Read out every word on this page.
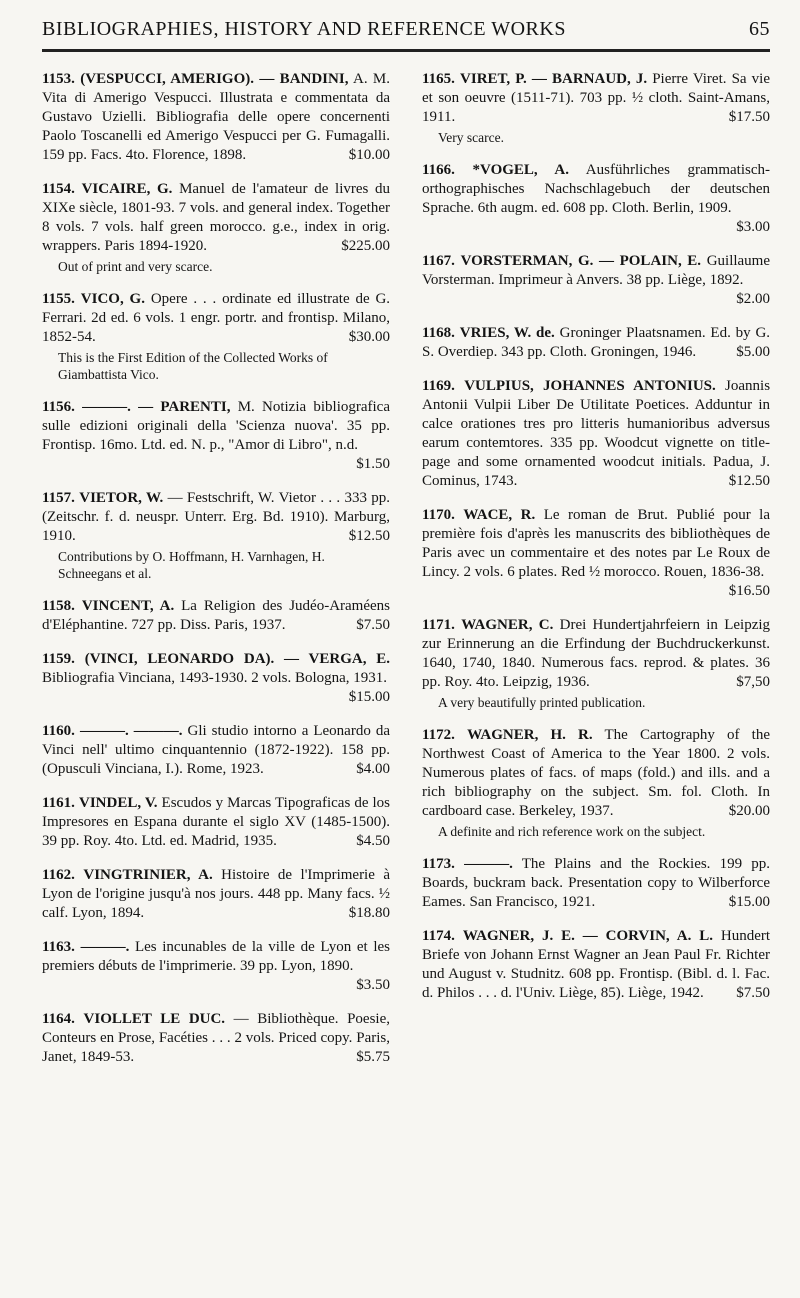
BIBLIOGRAPHIES, HISTORY AND REFERENCE WORKS	65
1153. (VESPUCCI, AMERIGO). — BANDINI, A. M. Vita di Amerigo Vespucci. Illustrata e commentata da Gustavo Uzielli. Bibliografia delle opere concernenti Paolo Toscanelli ed Amerigo Vespucci per G. Fumagalli. 159 pp. Facs. 4to. Florence, 1898.	$10.00
1154. VICAIRE, G. Manuel de l'amateur de livres du XIXe siècle, 1801-93. 7 vols. and general index. Together 8 vols. 7 vols. half green morocco. g.e., index in orig. wrappers. Paris 1894-1920.	$225.00
Out of print and very scarce.
1155. VICO, G. Opere . . . ordinate ed illustrate de G. Ferrari. 2d ed. 6 vols. 1 engr. portr. and frontisp. Milano, 1852-54.	$30.00
This is the First Edition of the Collected Works of Giambattista Vico.
1156. ———. — PARENTI, M. Notizia bibliografica sulle edizioni originali della 'Scienza nuova'. 35 pp. Frontisp. 16mo. Ltd. ed. N. p., "Amor di Libro", n.d.
$1.50
1157. VIETOR, W. — Festschrift, W. Vietor . . . 333 pp. (Zeitschr. f. d. neuspr. Unterr. Erg. Bd. 1910). Marburg, 1910.	$12.50
Contributions by O. Hoffmann, H. Varnhagen, H. Schneegans et al.
1158. VINCENT, A. La Religion des Judéo-Araméens d'Eléphantine. 727 pp. Diss. Paris, 1937.	$7.50
1159. (VINCI, LEONARDO DA). — VERGA, E. Bibliografia Vinciana, 1493-1930. 2 vols. Bologna, 1931.
$15.00
1160. ———. ———. Gli studio intorno a Leonardo da Vinci nell' ultimo cinquantennio (1872-1922). 158 pp. (Opusculi Vinciana, I.). Rome, 1923.	$4.00
1161. VINDEL, V. Escudos y Marcas Tipograficas de los Impresores en Espana durante el siglo XV (1485-1500). 39 pp. Roy. 4to. Ltd. ed. Madrid, 1935.	$4.50
1162. VINGTRINIER, A. Histoire de l'Imprimerie à Lyon de l'origine jusqu'à nos jours. 448 pp. Many facs. ½ calf. Lyon, 1894.	$18.80
1163. ———. Les incunables de la ville de Lyon et les premiers débuts de l'imprimerie. 39 pp. Lyon, 1890.
$3.50
1164. VIOLLET LE DUC. — Bibliothèque. Poesie, Conteurs en Prose, Facéties . . . 2 vols. Priced copy. Paris, Janet, 1849-53.	$5.75
1165. VIRET, P. — BARNAUD, J. Pierre Viret. Sa vie et son oeuvre (1511-71). 703 pp. ½ cloth. Saint-Amans, 1911.	$17.50
Very scarce.
1166. *VOGEL, A. Ausführliches grammatisch-orthographisches Nachschlagebuch der deutschen Sprache. 6th augm. ed. 608 pp. Cloth. Berlin, 1909.
$3.00
1167. VORSTERMAN, G. — POLAIN, E. Guillaume Vorsterman. Imprimeur à Anvers. 38 pp. Liège, 1892.
$2.00
1168. VRIES, W. de. Groninger Plaatsnamen. Ed. by G. S. Overdiep. 343 pp. Cloth. Groningen, 1946.	$5.00
1169. VULPIUS, JOHANNES ANTONIUS. Joannis Antonii Vulpii Liber De Utilitate Poetices. Adduntur in calce orationes tres pro litteris humanioribus adversus earum contemtores. 335 pp. Woodcut vignette on title-page and some ornamented woodcut initials. Padua, J. Cominus, 1743.	$12.50
1170. WACE, R. Le roman de Brut. Publié pour la première fois d'après les manuscrits des bibliothèques de Paris avec un commentaire et des notes par Le Roux de Lincy. 2 vols. 6 plates. Red ½ morocco. Rouen, 1836-38.
$16.50
1171. WAGNER, C. Drei Hundertjahrfeiern in Leipzig zur Erinnerung an die Erfindung der Buchdruckerkunst. 1640, 1740, 1840. Numerous facs. reprod. & plates. 36 pp. Roy. 4to. Leipzig, 1936.	$7,50
A very beautifully printed publication.
1172. WAGNER, H. R. The Cartography of the Northwest Coast of America to the Year 1800. 2 vols. Numerous plates of facs. of maps (fold.) and ills. and a rich bibliography on the subject. Sm. fol. Cloth. In cardboard case. Berkeley, 1937.	$20.00
A definite and rich reference work on the subject.
1173. ———. The Plains and the Rockies. 199 pp. Boards, buckram back. Presentation copy to Wilberforce Eames. San Francisco, 1921.	$15.00
1174. WAGNER, J. E. — CORVIN, A. L. Hundert Briefe von Johann Ernst Wagner an Jean Paul Fr. Richter und August v. Studnitz. 608 pp. Frontisp. (Bibl. d. l. Fac. d. Philos . . . d. l'Univ. Liège, 85). Liège, 1942. $7.50
